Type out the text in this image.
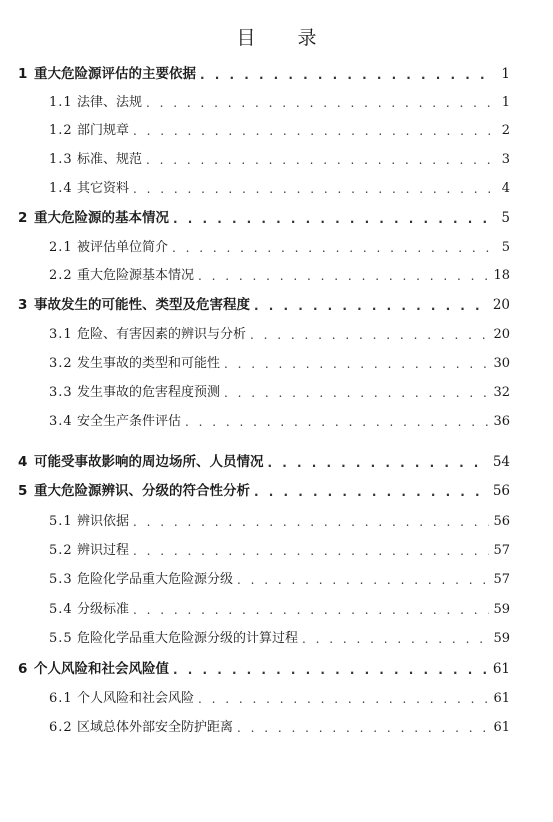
目 录
1 重大危险源评估的主要依据 . . .	1
1.1 法律、法规 . . .	1
1.2 部门规章 . . .	2
1.3 标准、规范 . . .	3
1.4 其它资料 . . .	4
2 重大危险源的基本情况 . . .	5
2.1 被评估单位简介 . . .	5
2.2 重大危险源基本情况 . . .	18
3 事故发生的可能性、类型及危害程度 . . .	20
3.1 危险、有害因素的辨识与分析 . . .	20
3.2 发生事故的类型和可能性 . . .	30
3.3 发生事故的危害程度预测 . . .	32
3.4 安全生产条件评估 . . .	36
4 可能受事故影响的周边场所、人员情况 . . .	54
5 重大危险源辨识、分级的符合性分析 . . .	56
5.1 辨识依据 . . .	56
5.2 辨识过程 . . .	57
5.3 危险化学品重大危险源分级 . . .	57
5.4 分级标准 . . .	59
5.5 危险化学品重大危险源分级的计算过程 . . .	59
6 个人风险和社会风险值 . . .	61
6.1 个人风险和社会风险 . . .	61
6.2 区域总体外部安全防护距离 . . .	61
